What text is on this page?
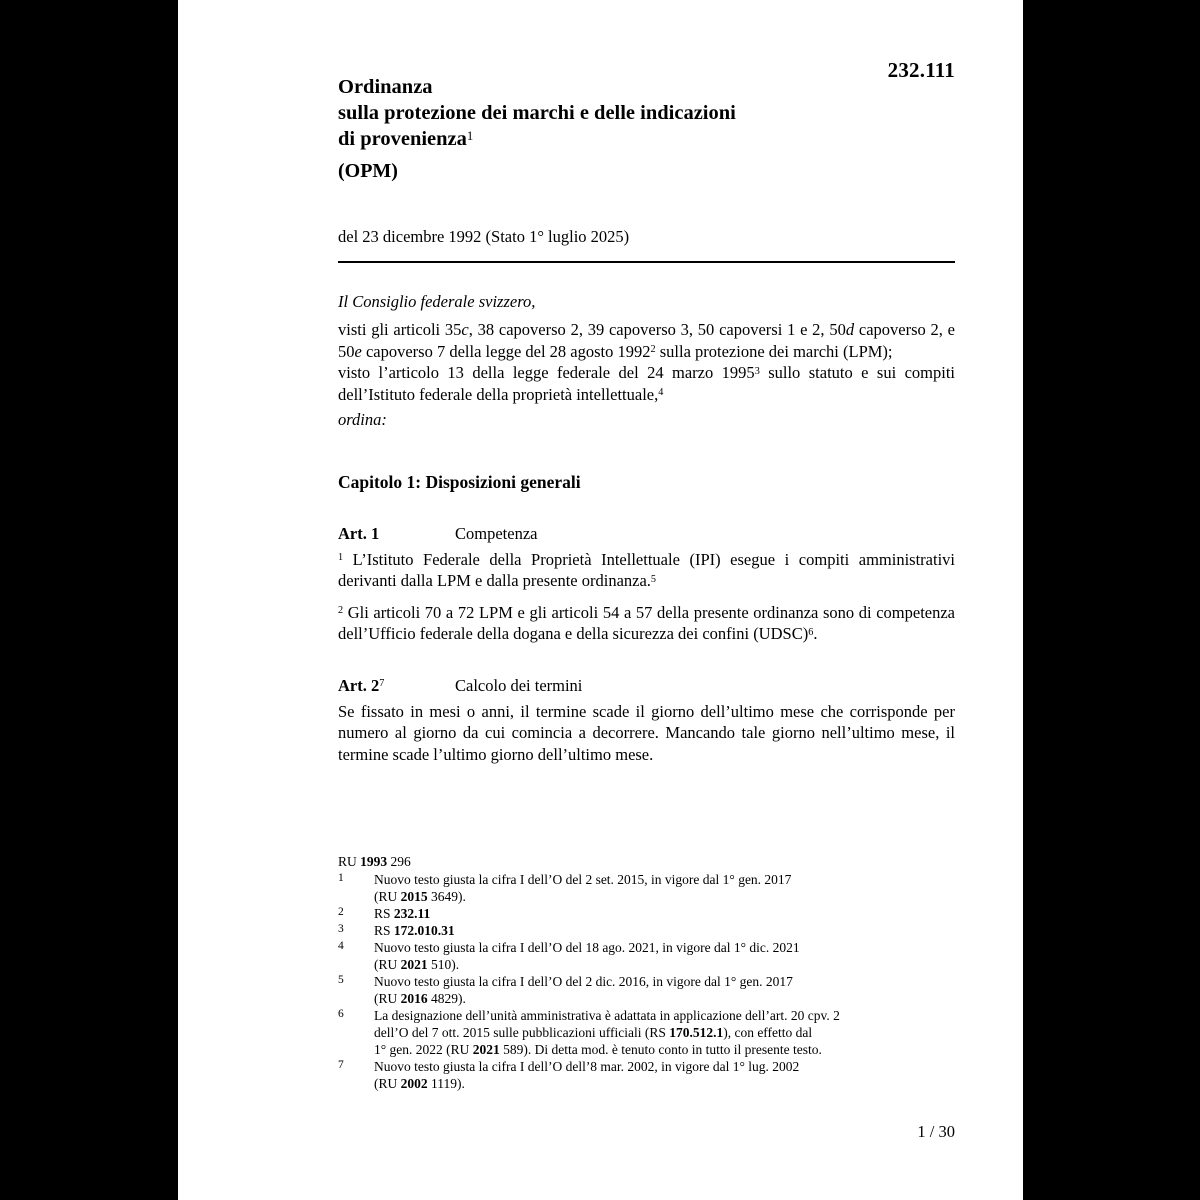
232.111
Ordinanza
sulla protezione dei marchi e delle indicazioni
di provenienza$^1$
(OPM)
del 23 dicembre 1992 (Stato 1° luglio 2025)
Il Consiglio federale svizzero,

visti gli articoli 35c, 38 capoverso 2, 39 capoverso 3, 50 capoversi 1 e 2, 50d capoverso 2, e 50e capoverso 7 della legge del 28 agosto 1992$^2$ sulla protezione dei marchi (LPM);

visto l’articolo 13 della legge federale del 24 marzo 1995$^3$ sullo statuto e sui compiti dell’Istituto federale della proprietà intellettuale,$^4$

ordina:
Capitolo 1: Disposizioni generali
Art. 1	Competenza

$^1$ L’Istituto Federale della Proprietà Intellettuale (IPI) esegue i compiti amministrativi derivanti dalla LPM e dalla presente ordinanza.$^5$

$^2$ Gli articoli 70 a 72 LPM e gli articoli 54 a 57 della presente ordinanza sono di competenza dell’Ufficio federale della dogana e della sicurezza dei confini (UDSC)$^6$.

Art. $2^7$	Calcolo dei termini

Se fissato in mesi o anni, il termine scade il giorno dell’ultimo mese che corrisponde per numero al giorno da cui comincia a decorrere. Mancando tale giorno nell’ultimo mese, il termine scade l’ultimo giorno dell’ultimo mese.

RU 1993 296

1	Nuovo testo giusta la cifra I dell’O del 2 set. 2015, in vigore dal 1° gen. 2017
(RU 2015 3649).
2	RS 232.11
3	RS 172.010.31
4	Nuovo testo giusta la cifra I dell’O del 18 ago. 2021, in vigore dal 1° dic. 2021
(RU 2021 510).
5	Nuovo testo giusta la cifra I dell’O del 2 dic. 2016, in vigore dal 1° gen. 2017
(RU 2016 4829).
6	La designazione dell’unità amministrativa è adattata in applicazione dell’art. 20 cpv. 2
dell’O del 7 ott. 2015 sulle pubblicazioni ufficiali (RS 170.512.1), con effetto dal
1° gen. 2022 (RU 2021 589). Di detta mod. è tenuto conto in tutto il presente testo.
7	Nuovo testo giusta la cifra I dell’O dell’8 mar. 2002, in vigore dal 1° lug. 2002
(RU 2002 1119).
1 / 30
